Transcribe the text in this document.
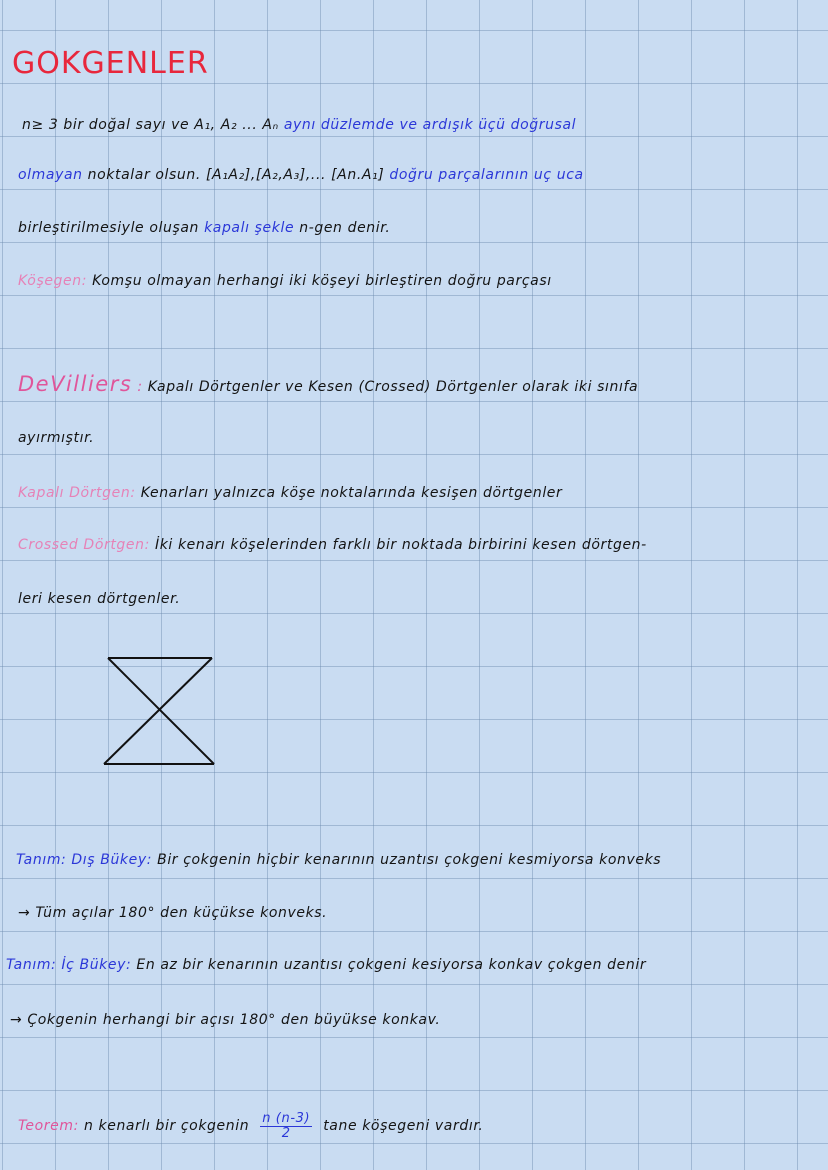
GOKGENLER
n≥ 3 bir doğal sayı ve A₁, A₂ ... Aₙ aynı düzlemde ve ardışık üçü doğrusal
olmayan noktalar olsun. [A₁A₂],[A₂,A₃],... [An.A₁] doğru parçalarının uç uca
birleştirilmesiyle oluşan kapalı şekle n-gen denir.
Köşegen: Komşu olmayan herhangi iki köşeyi birleştiren doğru parçası
DeVilliers : Kapalı Dörtgenler ve Kesen (Crossed) Dörtgenler olarak iki sınıfa
ayırmıştır.
Kapalı Dörtgen: Kenarları yalnızca köşe noktalarında kesişen dörtgenler
Crossed Dörtgen: İki kenarı köşelerinden farklı bir noktada birbirini kesen dörtgen-
leri kesen dörtgenler.
Tanım: Dış Bükey: Bir çokgenin hiçbir kenarının uzantısı çokgeni kesmiyorsa konveks
→ Tüm açılar 180° den küçükse konveks.
Tanım: İç Bükey: En az bir kenarının uzantısı çokgeni kesiyorsa konkav çokgen denir
→ Çokgenin herhangi bir açısı 180° den büyükse konkav.
Teorem: n kenarlı bir çokgenin $\frac{n (n-3)}{2}$ tane köşegeni vardır.
